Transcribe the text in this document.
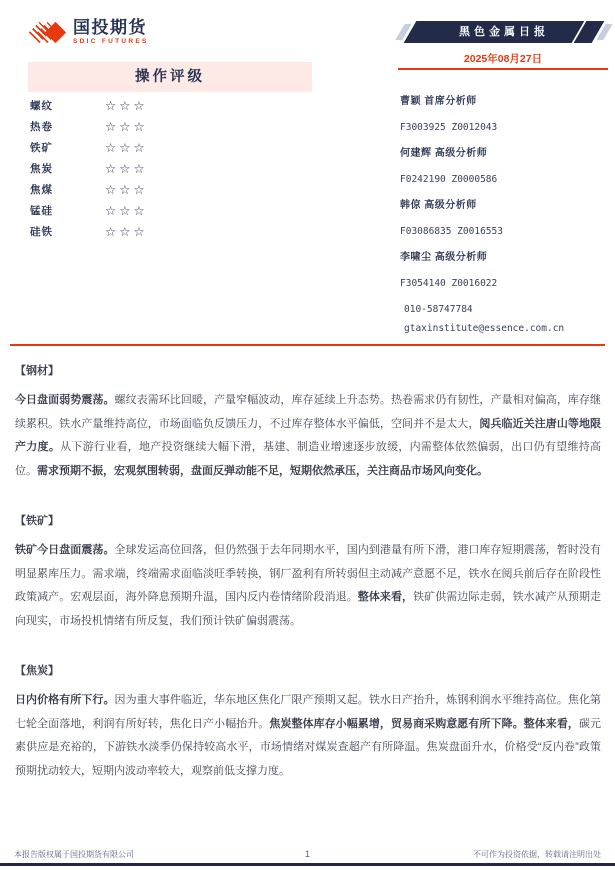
国投期货
SDIC FUTURES
黑色金属日报
2025年08月27日
操作评级
螺纹	☆☆☆
热卷	☆☆☆
铁矿	☆☆☆
焦炭	☆☆☆
焦煤	☆☆☆
锰硅	☆☆☆
硅铁	☆☆☆
曹颖 首席分析师
F3003925 Z0012043
何建辉 高级分析师
F0242190 Z0000586
韩倞 高级分析师
F03086835 Z0016553
李啸尘 高级分析师
F3054140 Z0016022
010-58747784
gtaxinstitute@essence.com.cn
【钢材】
今日盘面弱势震荡。螺纹表需环比回暖，产量窄幅波动，库存延续上升态势。热卷需求仍有韧性，产量相对偏高，库存继续累积。铁水产量维持高位，市场面临负反馈压力，不过库存整体水平偏低，空间并不是太大，阅兵临近关注唐山等地限产力度。从下游行业看，地产投资继续大幅下滑，基建、制造业增速逐步放缓，内需整体依然偏弱，出口仍有望维持高位。需求预期不振，宏观氛围转弱，盘面反弹动能不足，短期依然承压，关注商品市场风向变化。
【铁矿】
铁矿今日盘面震荡。全球发运高位回落，但仍然强于去年同期水平，国内到港量有所下滑，港口库存短期震荡，暂时没有明显累库压力。需求端，终端需求面临淡旺季转换，钢厂盈利有所转弱但主动减产意愿不足，铁水在阅兵前后存在阶段性政策减产。宏观层面，海外降息预期升温，国内反内卷情绪阶段消退。整体来看，铁矿供需边际走弱，铁水减产从预期走向现实，市场投机情绪有所反复，我们预计铁矿偏弱震荡。
【焦炭】
日内价格有所下行。因为重大事件临近，华东地区焦化厂限产预期又起。铁水日产抬升，炼钢利润水平维持高位。焦化第七轮全面落地，利润有所好转，焦化日产小幅抬升。焦炭整体库存小幅累增，贸易商采购意愿有所下降。整体来看，碳元素供应是充裕的，下游铁水淡季仍保持较高水平，市场情绪对煤炭查超产有所降温。焦炭盘面升水，价格受“反内卷”政策预期扰动较大，短期内波动率较大，观察前低支撑力度。
本报告版权属于国投期货有限公司	1	不可作为投资依据，转载请注明出处
